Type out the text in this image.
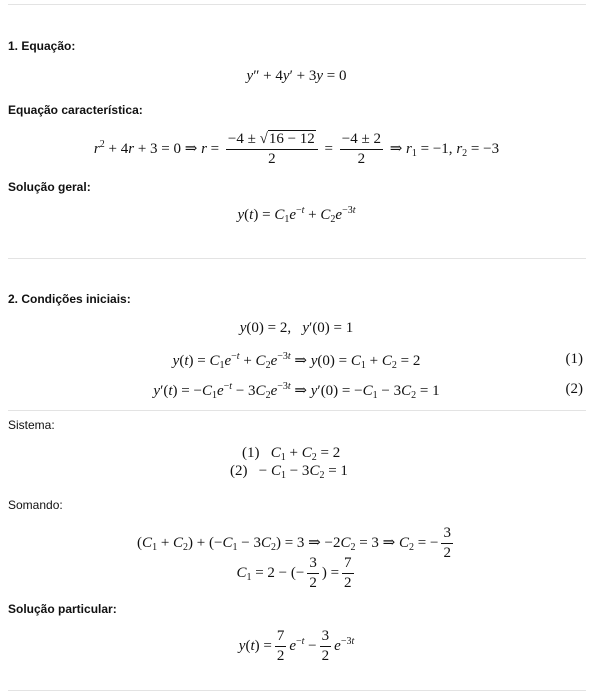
1. Equação:
y″ + 4y′ + 3y = 0
Equação característica:
$r^2 + 4r + 3 = 0$ ⇒ $r = \frac{-4 \pm √16 - 12}{2} = \frac{-4 \pm 2}{2}$ ⇒ $r_1 = -1$, $r_2 = -3$
Solução geral:
$y(t) = C_1e^{-t} + C_2e^{-3t}$
2. Condições iniciais:
y(0) = 2,   y′(0) = 1
$y(t) = C_1e^{-t} + C_2e^{-3t}$ ⇒ $y(0) = C_1 + C_2 = 2$	(1)
$y'(t) = -C_1e^{-t} - 3C_2e^{-3t}$ ⇒ $y'(0) = -C_1 - 3C_2 = 1$	(2)
Sistema:
(1)   $C_1 + C_2 = 2$
$(2) - C_1 - 3C_2 = 1$
Somando:
$(C_1 + C_2) + (-C_1 - 3C_2) = 3$ ⇒ $-2C_2 = 3$ ⇒ $C_2$ = − $\frac{3}{2}$
$C_1 = 2$ − (− $\frac{3}{2}$ ) = $\frac{7}{2}$
Solução particular:
$y(t) = \frac{7}{2} e^{-t} - \frac{3}{2} e^{-3t}$
